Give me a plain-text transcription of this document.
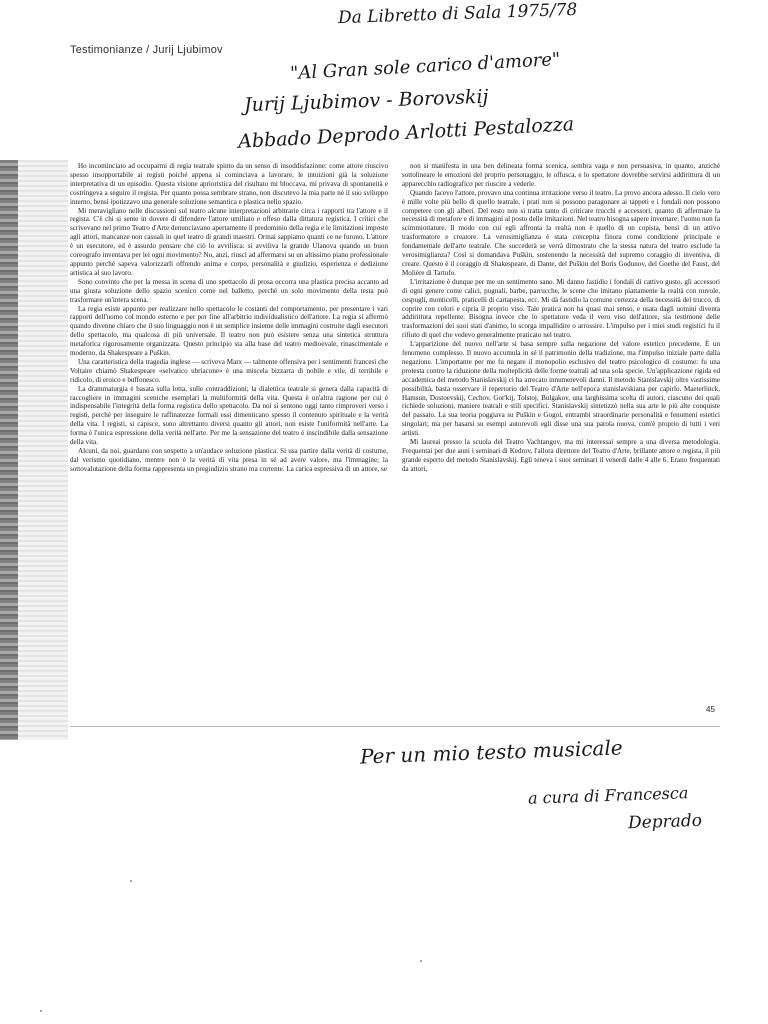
Da Libretto di Sala 1975/78
Testimonianze / Jurij Ljubimov	"Al Gran sole carico d'amore"
Jurij Ljubimov - Borovskij
Abbado Deprodo Arlotti Pestalozza

Ho incominciato ad occuparmi di regia teatrale spinto da un senso di insoddisfazione: come attore riuscivo spesso insopportabile ai registi poiché appena si cominciava a lavorare, le intuizioni già la soluzione interpretativa di un episodio. Questa visione aprioristica del risultato mi bloccava, mi privava di spontaneità e costringeva a seguire il regista. Per quanto possa sembrare strano, non discutevo la mia parte nè il suo sviluppo interno, bensì ipotizzavo una generale soluzione semantica e plastica nello spazio.

Mi meravigliano nelle discussioni sul teatro alcune interpretazioni arbitrarie circa i rapporti tra l'attore e il regista. C'è chi si sente in dovere di difendere l'attore umiliato e offeso dalla dittatura registica. I critici che scrivevano nel primo Teatro d'Arte denunciavano apertamente il predominio della regia e le limitazioni imposte agli attori, mancanze non casuali in quel teatro di grandi maestri. Ormai sappiamo quanti ce ne furono. L'attore è un esecutore, ed è assurdo pensare che ciò lo avvilisca: si avviliva la grande Ulanova quando un buon coreografo inventava per lei ogni movimento? No, anzi, riuscì ad affermarsi su un altissimo piano professionale appunto perché sapeva valorizzarli offrendo anima e corpo, personalità e giudizio, esperienza e dedizione artistica al suo lavoro.

Sono convinto che per la messa in scena di uno spettacolo di prosa occorra una plastica precisa accanto ad una giusta soluzione dello spazio scenico come nel balletto, perché un solo movimento della testa può trasformare un'intera scena.

La regia esiste appunto per realizzare nello spettacolo le costanti del comportamento, per presentare i vari rapporti dell'uomo col mondo esterno e per por fine all'arbitrio individualistico dell'attore. La regia si affermò quando divenne chiaro che il suo linguaggio non è un semplice insieme delle immagini costruite dagli esecutori dello spettacolo, ma qualcosa di più universale. Il teatro non può esistere senza una sintetica struttura metaforica rigorosamente organizzata. Questo principio sta alla base del teatro medioevale, rinascimentale e moderno, da Shakespeare a Puškin.

Una caratteristica della tragedia inglese — scriveva Marx — talmente offensiva per i sentimenti francesi che Voltaire chiamò Shakespeare «selvatico ubriacone» è una miscela bizzarra di nobile e vile, di terribile e ridicolo, di eroico e buffonesco.

La drammaturgia è basata sulla lotta, sulle contraddizioni; la dialettica teatrale si genera dalla capacità di raccogliere in immagini sceniche esemplari la multiformità della vita. Questa è un'altra ragione per cui è indispensabile l'integrità della forma registica dello spettacolo. Da noi si sentono oggi tanto rimproveri verso i registi, perché per inseguire le raffinatezze formali essi dimenticano spesso il contenuto spirituale e la verità della vita. I registi, si capisce, sono altrettanto diversi quanto gli attori, non esiste l'uniformità nell'arte. La forma è l'unica espressione della verità nell'arte. Per me la sensazione del teatro è inscindibile dalla sensazione della vita.

Alcuni, da noi, guardano con sospetto a un'audace soluzione plastica. Si usa partire dalla verità di costume, dal verismo quotidiano, mentre non è la verità di vita presa in sé ad avere valore, ma l'immagine; la sottovalutazione della forma rappresenta un pregiudizio strano ma corrente. La carica espressiva di un attore, se

non si manifesta in una ben delineata forma scenica, sembra vaga e non persuasiva, in quanto, anziché sottolineare le emozioni del proprio personaggio, le offusca, e lo spettatore dovrebbe servirsi addirittura di un apparecchio radiografico per riuscire a vederle.

Quando facevo l'attore, provavo una continua irritazione verso il teatro. La provo ancora adesso. Il cielo vero è mille volte più bello di quello teatrale, i prati non si possono paragonare ai tappeti e i fondali non possono competere con gli alberi. Del resto non si tratta tanto di criticare trucchi e accessori, quanto di affermare la necessità di metafore e di immagini al posto delle imitazioni. Nel teatro bisogna sapere inventare: l'uomo non fa scimmiottature. Il modo con cui egli affronta la realtà non è quello di un copista, bensì di un attivo trasformatore e creatore. La verosimiglianza è stata concepita finora come condizione principale e fondamentale dell'arte teatrale. Che succederà se verrà dimostrato che la stessa natura del teatro esclude la verosimiglianza? Così si domandava Puškin, sostenendo la necessità del supremo coraggio di inventiva, di creare. Questo è il coraggio di Shakespeare, di Dante, del Puškin del Boris Godunov, del Goethe del Faust, del Molière di Tartufo.

L'irritazione è dunque per me un sentimento sano. Mi danno fastidio i fondali di cattivo gusto, gli accessori di ogni genere come calici, pugnali, barbe, parrucche, le scene che imitano piattamente la realtà con nuvole, cespugli, monticelli, praticelli di cartapesta, ecc. Mi dà fastidio la comune certezza della necessità del trucco, di coprire con colori e cipria il proprio viso. Tale pratica non ha quasi mai senso, e usata dagli uomini diventa addirittura repellente. Bisogna invece che lo spettatore veda il vero viso dell'attore, sia testimone delle trasformazioni dei suoi stati d'animo, lo scorga impallidire o arrossire. L'impulso per i miei studi registici fu il rifiuto di quel che vedevo generalmente praticato nel teatro.

L'apparizione del nuovo nell'arte si basa sempre sulla negazione del valore estetico precedente. È un fenomeno complesso. Il nuovo accumula in sé il patrimonio della tradizione, ma l'impulso iniziale parte dalla negazione. L'importante per me fu negare il monopolio esclusivo del teatro psicologico di costume: fu una protesta contro la riduzione della molteplicità delle forme teatrali ad una sola specie. Un'applicazione rigida ed accademica del metodo Stanislavskij ci ha arrecato innumerevoli danni. Il metodo Stanislavskij oltre vastissime possibilità, basta osservare il repertorio del Teatro d'Arte nell'epoca stanislavskiana per capirlo. Maeterlinck, Hamsun, Dostoevskij, Cechov, Gor'kij, Tolstoj, Bulgakov, una larghissima scelta di autori, ciascuno dei quali richiede soluzioni, maniere teatrali e stili specifici. Stanislavskij sintetizzò nella sua arte le più alte conquiste del passato. La sua teoria poggiava su Puškin e Gogol, entrambi straordinarie personalità e fenomeni estetici singolari; ma per basarsi su esempi autorevoli egli disse una sua parola nuova, com'è proprio di tutti i veri artisti.

Mi laureai presso la scuola del Teatro Vachtangov, ma mi interessai sempre a una diversa metodologia. Frequentai per due anni i seminari di Kedrov, l'allora direttore del Teatro d'Arte, brillante attore e regista, il più grande esperto del metodo Stanislavskij. Egli teneva i suoi seminari il venerdì dalle 4 alle 6. Erano frequentati da attori,

45
Per un mio testo musicale
a cura di Francesca
Deprado
